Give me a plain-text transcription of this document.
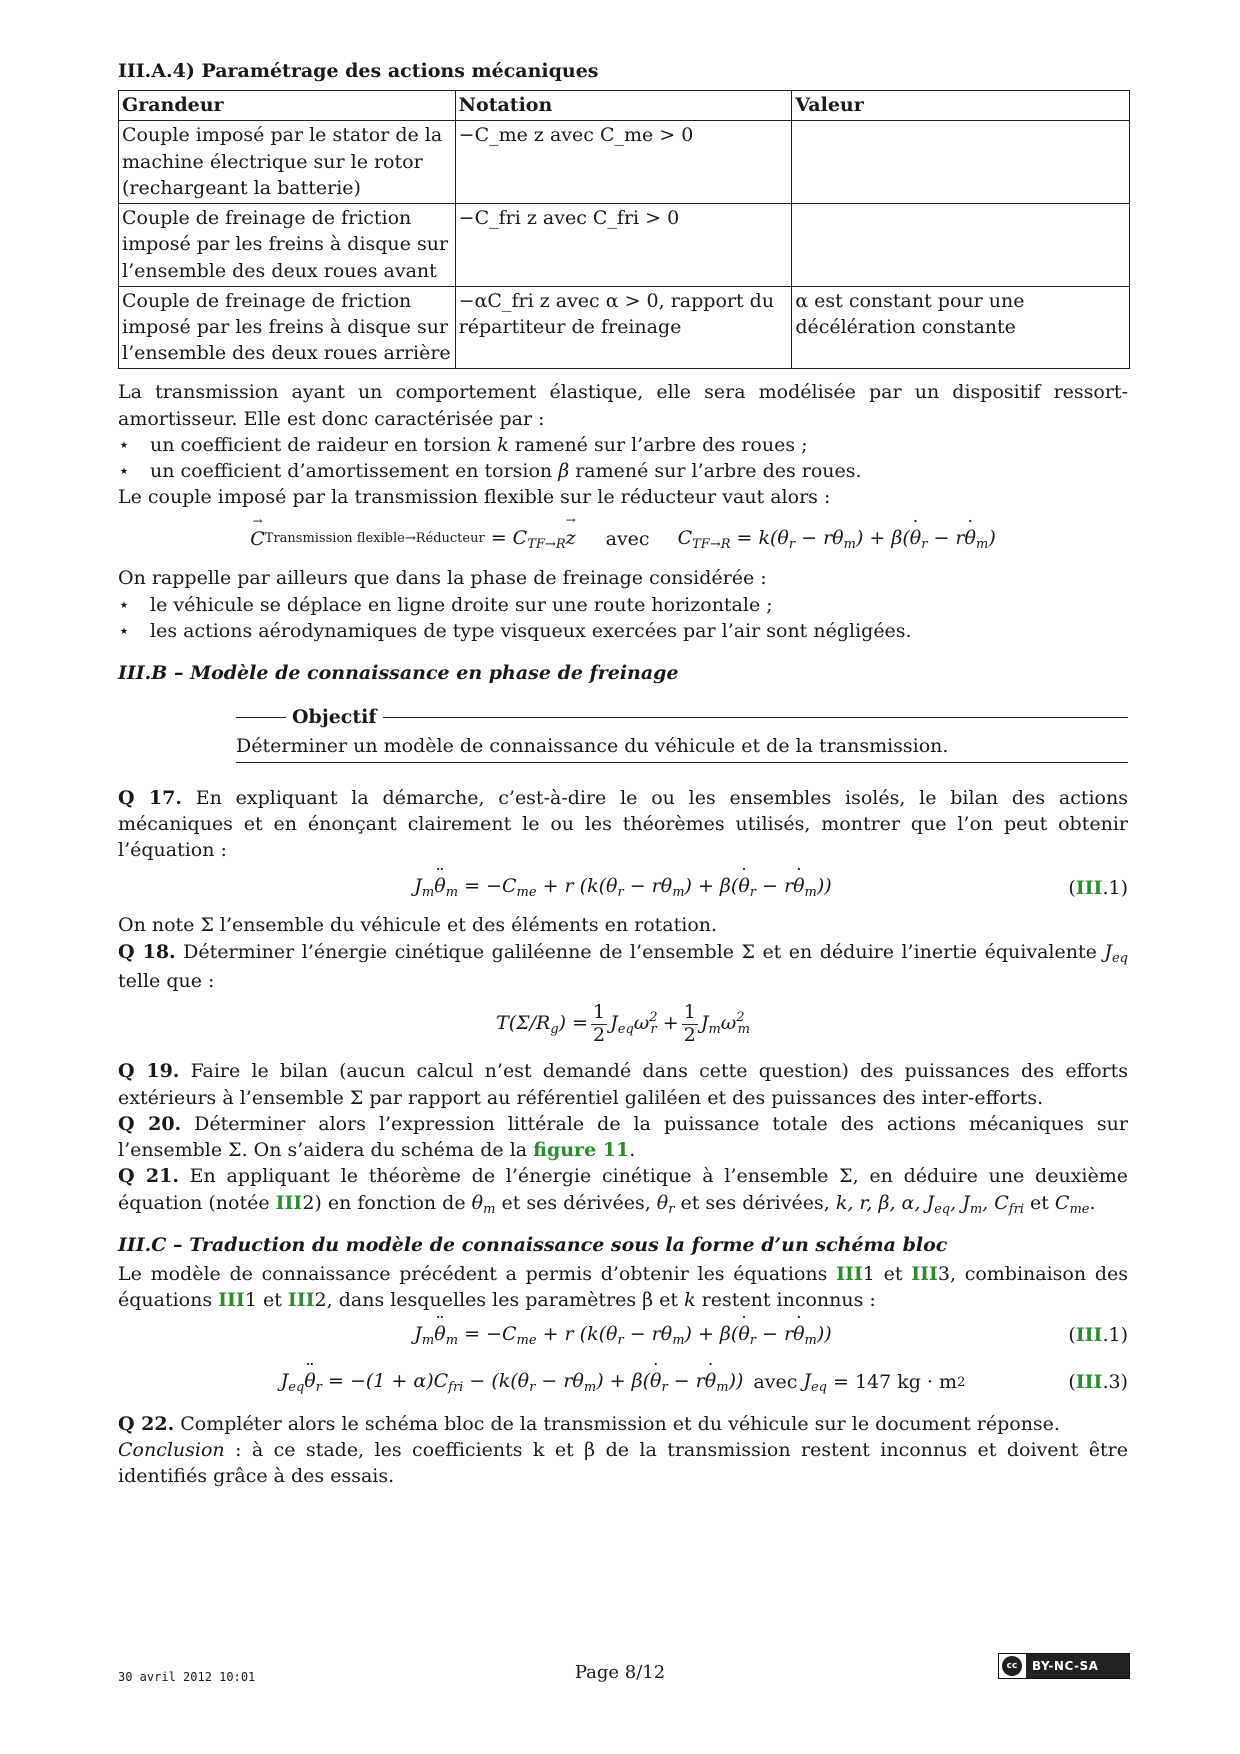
III.A.4) Paramétrage des actions mécaniques
Grandeur	Notation	Valeur
Couple imposé par le stator de la machine électrique sur le rotor (rechargeant la batterie)	−C_me z avec C_me > 0	
Couple de freinage de friction imposé par les freins à disque sur l’ensemble des deux roues avant	−C_fri z avec C_fri > 0	
Couple de freinage de friction imposé par les freins à disque sur l’ensemble des deux roues arrière	−αC_fri z avec α > 0, rapport du répartiteur de freinage	α est constant pour une décélération constante

La transmission ayant un comportement élastique, elle sera modélisée par un dispositif ressort-amortisseur. Elle est donc caractérisée par :

⋆ un coefficient de raideur en torsion k ramené sur l’arbre des roues ;
⋆ un coefficient d’amortissement en torsion β ramené sur l’arbre des roues.

Le couple imposé par la transmission flexible sur le réducteur vaut alors :

C → Transmission flexible→Réducteur = $C_{TF\to R}z$ → avec $C_{TF\to R} = k(\theta_r - r\theta_m) + \beta(\theta$ $˙_r - r\theta$ $˙_m$)

On rappelle par ailleurs que dans la phase de freinage considérée :

⋆ le véhicule se déplace en ligne droite sur une route horizontale ;
⋆ les actions aérodynamiques de type visqueux exercées par l’air sont négligées.
III.B – Modèle de connaissance en phase de freinage
Objectif
Déterminer un modèle de connaissance du véhicule et de la transmission.

Q 17. En expliquant la démarche, c’est-à-dire le ou les ensembles isolés, le bilan des actions mécaniques et en énonçant clairement le ou les théorèmes utilisés, montrer que l’on peut obtenir l’équation :

$J_m\theta$ $¨_m = -C_{me} + r$ ($k(\theta_r - r\theta_m) + \beta(\theta$ $˙_r - r\theta$ $˙_m$))	(III.1)

On note Σ l’ensemble du véhicule et des éléments en rotation.

Q 18. Déterminer l’énergie cinétique galiléenne de l’ensemble Σ et en déduire l’inertie équivalente $J_{eq}$ telle que :

$T(\Sigma/R_g) = \frac{1}{2} J_{eq}\omega^2_r + \frac{1}{2} J_m\omega^2_m$

Q 19. Faire le bilan (aucun calcul n’est demandé dans cette question) des puissances des efforts extérieurs à l’ensemble Σ par rapport au référentiel galiléen et des puissances des inter-efforts.

Q 20. Déterminer alors l’expression littérale de la puissance totale des actions mécaniques sur l’ensemble Σ. On s’aidera du schéma de la figure 11.

Q 21. En appliquant le théorème de l’énergie cinétique à l’ensemble Σ, en déduire une deuxième équation (notée III2) en fonction de $\theta_m$ et ses dérivées, $\theta_r$ et ses dérivées, k, r, β, α, $J_{eq}$, $J_m$, $C_{fri}$ et $C_{me}$.

III.C – Traduction du modèle de connaissance sous la forme d’un schéma bloc

Le modèle de connaissance précédent a permis d’obtenir les équations III1 et III3, combinaison des équations III1 et III2, dans lesquelles les paramètres β et k restent inconnus :

$J_m\theta$ $¨_m = -C_{me} + r$ ($k(\theta_r - r\theta_m) + \beta(\theta$ $˙_r - r\theta$ $˙_m$))	(III.1)
$J_{eq}\theta$ $¨_r = -(1 + \alpha)C_{fri} - (k(\theta_r - r\theta_m) + \beta(\theta$ $˙_r - r\theta$ $˙_m$)) avec $J_{eq} = 147$ kg · m 2	(III.3)

Q 22. Compléter alors le schéma bloc de la transmission et du véhicule sur le document réponse.

Conclusion : à ce stade, les coefficients k et β de la transmission restent inconnus et doivent être identifiés grâce à des essais.

30 avril 2012 10:01	Page 8/12	cc	BY-NC-SA
